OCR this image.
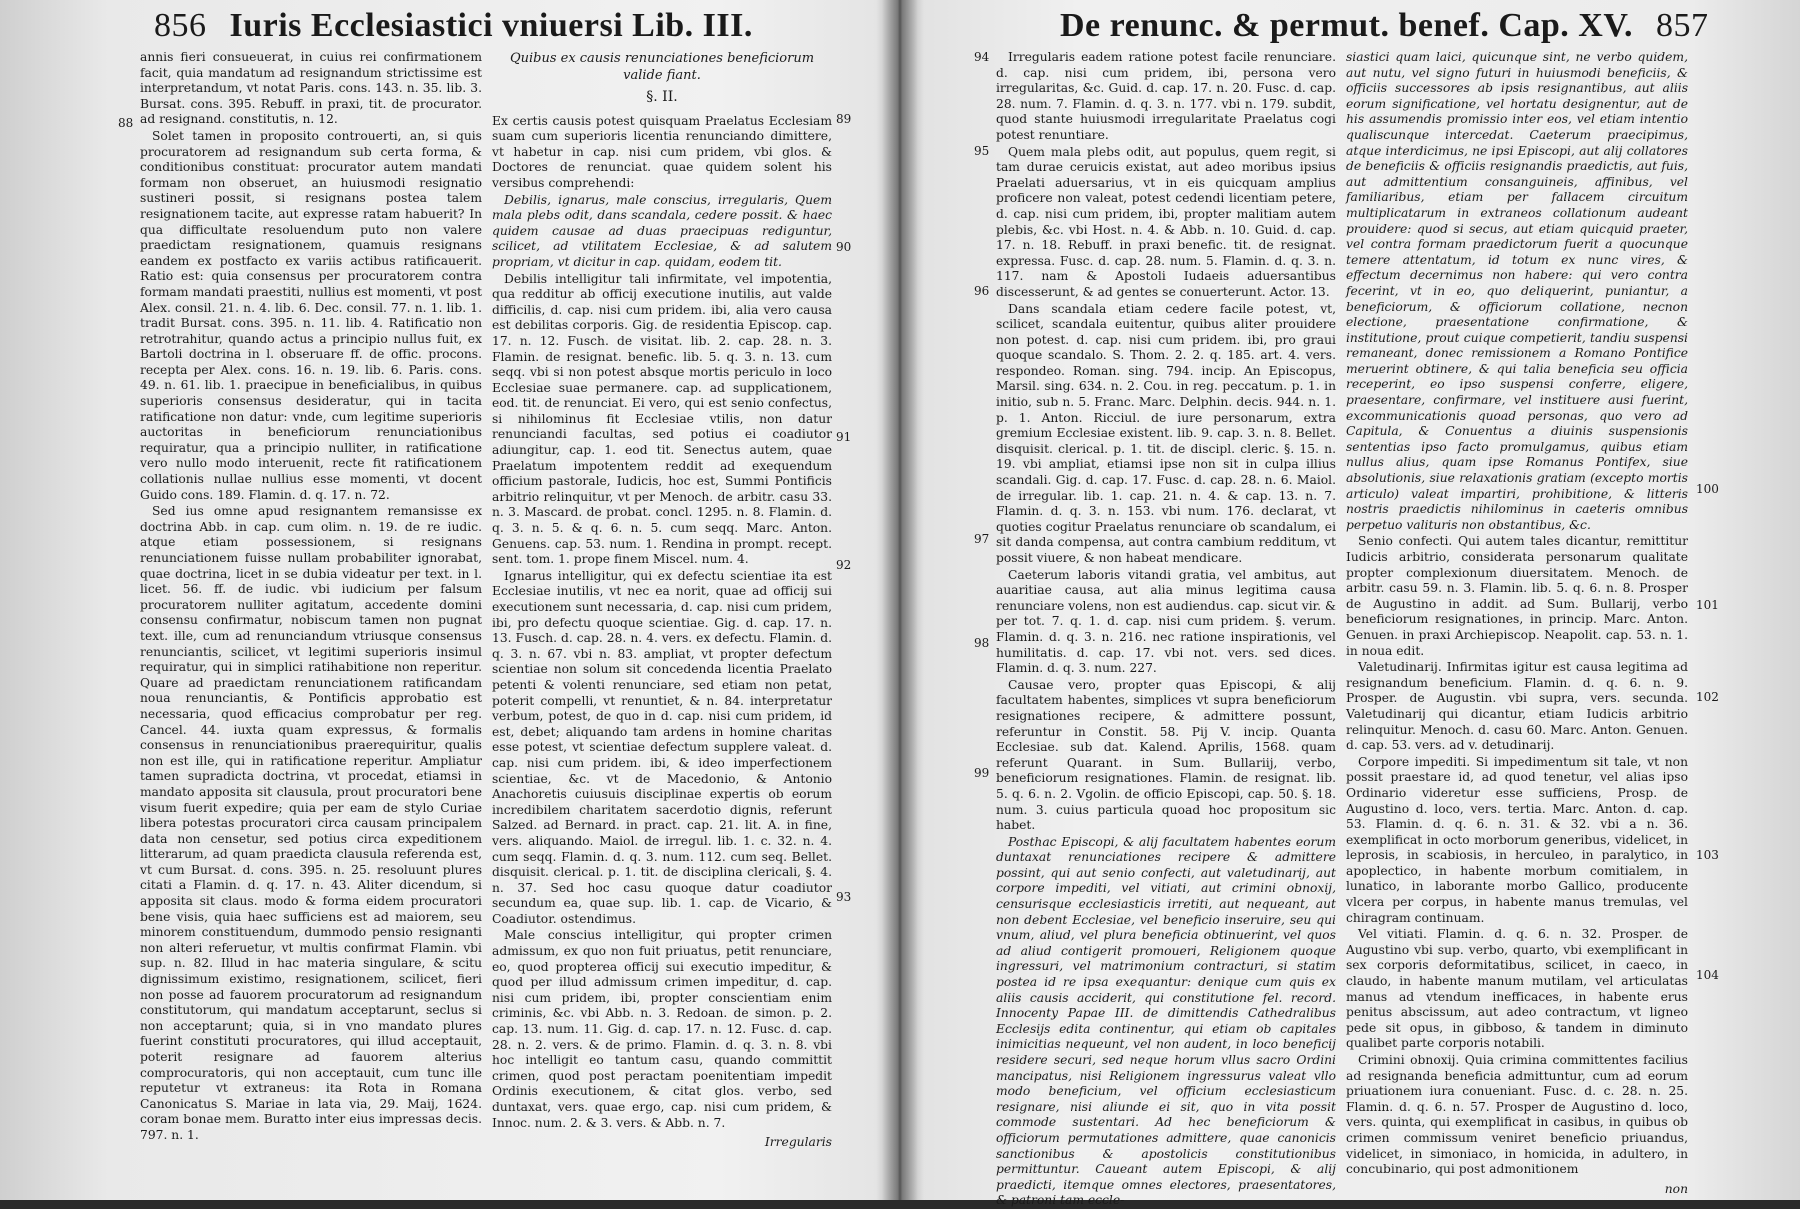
856 Iuris Ecclesiastici vniuersi Lib. III.
88	89
90
91
92
93

annis fieri consueuerat, in cuius rei confirmationem facit, quia mandatum ad resignandum strictissime est interpretandum, vt notat Paris. cons. 143. n. 35. lib. 3. Bursat. cons. 395. Rebuff. in praxi, tit. de procurator. ad resignand. constitutis, n. 12.

Solet tamen in proposito controuerti, an, si quis procuratorem ad resignandum sub certa forma, & conditionibus constituat: procurator autem mandati formam non obseruet, an huiusmodi resignatio sustineri possit, si resignans postea talem resignationem tacite, aut expresse ratam habuerit? In qua difficultate resoluendum puto non valere praedictam resignationem, quamuis resignans eandem ex postfacto ex variis actibus ratificauerit. Ratio est: quia consensus per procuratorem contra formam mandati praestiti, nullius est momenti, vt post Alex. consil. 21. n. 4. lib. 6. Dec. consil. 77. n. 1. lib. 1. tradit Bursat. cons. 395. n. 11. lib. 4. Ratificatio non retrotrahitur, quando actus a principio nullus fuit, ex Bartoli doctrina in l. obseruare ff. de offic. procons. recepta per Alex. cons. 16. n. 19. lib. 6. Paris. cons. 49. n. 61. lib. 1. praecipue in beneficialibus, in quibus superioris consensus desideratur, qui in tacita ratificatione non datur: vnde, cum legitime superioris auctoritas in beneficiorum renunciationibus requiratur, qua a principio nulliter, in ratificatione vero nullo modo interuenit, recte fit ratificationem collationis nullae nullius esse momenti, vt docent Guido cons. 189. Flamin. d. q. 17. n. 72.

Sed ius omne apud resignantem remansisse ex doctrina Abb. in cap. cum olim. n. 19. de re iudic. atque etiam possessionem, si resignans renunciationem fuisse nullam probabiliter ignorabat, quae doctrina, licet in se dubia videatur per text. in l. licet. 56. ff. de iudic. vbi iudicium per falsum procuratorem nulliter agitatum, accedente domini consensu confirmatur, nobiscum tamen non pugnat text. ille, cum ad renunciandum vtriusque consensus renunciantis, scilicet, vt legitimi superioris insimul requiratur, qui in simplici ratihabitione non reperitur. Quare ad praedictam renunciationem ratificandam noua renunciantis, & Pontificis approbatio est necessaria, quod efficacius comprobatur per reg. Cancel. 44. iuxta quam expressus, & formalis consensus in renunciationibus praerequiritur, qualis non est ille, qui in ratificatione reperitur. Ampliatur tamen supradicta doctrina, vt procedat, etiamsi in mandato apposita sit clausula, prout procuratori bene visum fuerit expedire; quia per eam de stylo Curiae libera potestas procuratori circa causam principalem data non censetur, sed potius circa expeditionem litterarum, ad quam praedicta clausula referenda est, vt cum Bursat. d. cons. 395. n. 25. resoluunt plures citati a Flamin. d. q. 17. n. 43. Aliter dicendum, si apposita sit claus. modo & forma eidem procuratori bene visis, quia haec sufficiens est ad maiorem, seu minorem constituendum, dummodo pensio resignanti non alteri referuetur, vt multis confirmat Flamin. vbi sup. n. 82. Illud in hac materia singulare, & scitu dignissimum existimo, resignationem, scilicet, fieri non posse ad fauorem procuratorum ad resignandum constitutorum, qui mandatum acceptarunt, seclus si non acceptarunt; quia, si in vno mandato plures fuerint constituti procuratores, qui illud acceptauit, poterit resignare ad fauorem alterius comprocuratoris, qui non acceptauit, cum tunc ille reputetur vt extraneus: ita Rota in Romana Canonicatus S. Mariae in lata via, 29. Maij, 1624. coram bonae mem. Buratto inter eius impressas decis. 797. n. 1.

Quibus ex causis renunciationes beneficiorum valide fiant.
§. II.

Ex certis causis potest quisquam Praelatus Ecclesiam suam cum superioris licentia renunciando dimittere, vt habetur in cap. nisi cum pridem, vbi glos. & Doctores de renunciat. quae quidem solent his versibus comprehendi:

Debilis, ignarus, male conscius, irregularis, Quem mala plebs odit, dans scandala, cedere possit. & haec quidem causae ad duas praecipuas rediguntur, scilicet, ad vtilitatem Ecclesiae, & ad salutem propriam, vt dicitur in cap. quidam, eodem tit.

Debilis intelligitur tali infirmitate, vel impotentia, qua redditur ab officij executione inutilis, aut valde difficilis, d. cap. nisi cum pridem. ibi, alia vero causa est debilitas corporis. Gig. de residentia Episcop. cap. 17. n. 12. Fusch. de visitat. lib. 2. cap. 28. n. 3. Flamin. de resignat. benefic. lib. 5. q. 3. n. 13. cum seqq. vbi si non potest absque mortis periculo in loco Ecclesiae suae permanere. cap. ad supplicationem, eod. tit. de renunciat. Ei vero, qui est senio confectus, si nihilominus fit Ecclesiae vtilis, non datur renunciandi facultas, sed potius ei coadiutor adiungitur, cap. 1. eod tit. Senectus autem, quae Praelatum impotentem reddit ad exequendum officium pastorale, Iudicis, hoc est, Summi Pontificis arbitrio relinquitur, vt per Menoch. de arbitr. casu 33. n. 3. Mascard. de probat. concl. 1295. n. 8. Flamin. d. q. 3. n. 5. & q. 6. n. 5. cum seqq. Marc. Anton. Genuens. cap. 53. num. 1. Rendina in prompt. recept. sent. tom. 1. prope finem Miscel. num. 4.

Ignarus intelligitur, qui ex defectu scientiae ita est Ecclesiae inutilis, vt nec ea norit, quae ad officij sui executionem sunt necessaria, d. cap. nisi cum pridem, ibi, pro defectu quoque scientiae. Gig. d. cap. 17. n. 13. Fusch. d. cap. 28. n. 4. vers. ex defectu. Flamin. d. q. 3. n. 67. vbi n. 83. ampliat, vt propter defectum scientiae non solum sit concedenda licentia Praelato petenti & volenti renunciare, sed etiam non petat, poterit compelli, vt renuntiet, & n. 84. interpretatur verbum, potest, de quo in d. cap. nisi cum pridem, id est, debet; aliquando tam ardens in homine charitas esse potest, vt scientiae defectum supplere valeat. d. cap. nisi cum pridem. ibi, & ideo imperfectionem scientiae, &c. vt de Macedonio, & Antonio Anachoretis cuiusuis disciplinae expertis ob eorum incredibilem charitatem sacerdotio dignis, referunt Salzed. ad Bernard. in pract. cap. 21. lit. A. in fine, vers. aliquando. Maiol. de irregul. lib. 1. c. 32. n. 4. cum seqq. Flamin. d. q. 3. num. 112. cum seq. Bellet. disquisit. clerical. p. 1. tit. de disciplina clericali, §. 4. n. 37. Sed hoc casu quoque datur coadiutor secundum ea, quae sup. lib. 1. cap. de Vicario, & Coadiutor. ostendimus.

Male conscius intelligitur, qui propter crimen admissum, ex quo non fuit priuatus, petit renunciare, eo, quod propterea officij sui executio impeditur, & quod per illud admissum crimen impeditur, d. cap. nisi cum pridem, ibi, propter conscientiam enim criminis, &c. vbi Abb. n. 3. Redoan. de simon. p. 2. cap. 13. num. 11. Gig. d. cap. 17. n. 12. Fusc. d. cap. 28. n. 2. vers. & de primo. Flamin. d. q. 3. n. 8. vbi hoc intelligit eo tantum casu, quando committit crimen, quod post peractam poenitentiam impedit Ordinis executionem, & citat glos. verbo, sed duntaxat, vers. quae ergo, cap. nisi cum pridem, & Innoc. num. 2. & 3. vers. & Abb. n. 7.

Irregularis
De renunc. & permut. benef. Cap. XV. 857
94
95
96
97
98
99
100
101
102
103
104

Irregularis eadem ratione potest facile renunciare. d. cap. nisi cum pridem, ibi, persona vero irregularitas, &c. Guid. d. cap. 17. n. 20. Fusc. d. cap. 28. num. 7. Flamin. d. q. 3. n. 177. vbi n. 179. subdit, quod stante huiusmodi irregularitate Praelatus cogi potest renuntiare.

Quem mala plebs odit, aut populus, quem regit, si tam durae ceruicis existat, aut adeo moribus ipsius Praelati aduersarius, vt in eis quicquam amplius proficere non valeat, potest cedendi licentiam petere, d. cap. nisi cum pridem, ibi, propter malitiam autem plebis, &c. vbi Host. n. 4. & Abb. n. 10. Guid. d. cap. 17. n. 18. Rebuff. in praxi benefic. tit. de resignat. expressa. Fusc. d. cap. 28. num. 5. Flamin. d. q. 3. n. 117. nam & Apostoli Iudaeis aduersantibus discesserunt, & ad gentes se conuerterunt. Actor. 13.

Dans scandala etiam cedere facile potest, vt, scilicet, scandala euitentur, quibus aliter prouidere non potest. d. cap. nisi cum pridem. ibi, pro graui quoque scandalo. S. Thom. 2. 2. q. 185. art. 4. vers. respondeo. Roman. sing. 794. incip. An Episcopus, Marsil. sing. 634. n. 2. Cou. in reg. peccatum. p. 1. in initio, sub n. 5. Franc. Marc. Delphin. decis. 944. n. 1. p. 1. Anton. Ricciul. de iure personarum, extra gremium Ecclesiae existent. lib. 9. cap. 3. n. 8. Bellet. disquisit. clerical. p. 1. tit. de discipl. cleric. §. 15. n. 19. vbi ampliat, etiamsi ipse non sit in culpa illius scandali. Gig. d. cap. 17. Fusc. d. cap. 28. n. 6. Maiol. de irregular. lib. 1. cap. 21. n. 4. & cap. 13. n. 7. Flamin. d. q. 3. n. 153. vbi num. 176. declarat, vt quoties cogitur Praelatus renunciare ob scandalum, ei sit danda compensa, aut contra cambium redditum, vt possit viuere, & non habeat mendicare.

Caeterum laboris vitandi gratia, vel ambitus, aut auaritiae causa, aut alia minus legitima causa renunciare volens, non est audiendus. cap. sicut vir. & per tot. 7. q. 1. d. cap. nisi cum pridem. §. verum. Flamin. d. q. 3. n. 216. nec ratione inspirationis, vel humilitatis. d. cap. 17. vbi not. vers. sed dices. Flamin. d. q. 3. num. 227.

Causae vero, propter quas Episcopi, & alij facultatem habentes, simplices vt supra beneficiorum resignationes recipere, & admittere possunt, referuntur in Constit. 58. Pij V. incip. Quanta Ecclesiae. sub dat. Kalend. Aprilis, 1568. quam referunt Quarant. in Sum. Bullariij, verbo, beneficiorum resignationes. Flamin. de resignat. lib. 5. q. 6. n. 2. Vgolin. de officio Episcopi, cap. 50. §. 18. num. 3. cuius particula quoad hoc propositum sic habet.

Posthac Episcopi, & alij facultatem habentes eorum duntaxat renunciationes recipere & admittere possint, qui aut senio confecti, aut valetudinarij, aut corpore impediti, vel vitiati, aut crimini obnoxij, censurisque ecclesiasticis irretiti, aut nequeant, aut non debent Ecclesiae, vel beneficio inseruire, seu qui vnum, aliud, vel plura beneficia obtinuerint, vel quos ad aliud contigerit promoueri, Religionem quoque ingressuri, vel matrimonium contracturi, si statim postea id re ipsa exequantur: denique cum quis ex aliis causis acciderit, qui constitutione fel. record. Innocenty Papae III. de dimittendis Cathedralibus Ecclesijs edita continentur, qui etiam ob capitales inimicitias nequeunt, vel non audent, in loco beneficij residere securi, sed neque horum vllus sacro Ordini mancipatus, nisi Religionem ingressurus valeat vllo modo beneficium, vel officium ecclesiasticum resignare, nisi aliunde ei sit, quo in vita possit commode sustentari. Ad hec beneficiorum & officiorum permutationes admittere, quae canonicis sanctionibus & apostolicis constitutionibus permittuntur. Caueant autem Episcopi, & alij praedicti, itemque omnes electores, praesentatores, & patroni tam eccle-

siastici quam laici, quicunque sint, ne verbo quidem, aut nutu, vel signo futuri in huiusmodi beneficiis, & officiis successores ab ipsis resignantibus, aut aliis eorum significatione, vel hortatu designentur, aut de his assumendis promissio inter eos, vel etiam intentio qualiscunque intercedat. Caeterum praecipimus, atque interdicimus, ne ipsi Episcopi, aut alij collatores de beneficiis & officiis resignandis praedictis, aut fuis, aut admittentium consanguineis, affinibus, vel familiaribus, etiam per fallacem circuitum multiplicatarum in extraneos collationum audeant prouidere: quod si secus, aut etiam quicquid praeter, vel contra formam praedictorum fuerit a quocunque temere attentatum, id totum ex nunc vires, & effectum decernimus non habere: qui vero contra fecerint, vt in eo, quo deliquerint, puniantur, a beneficiorum, & officiorum collatione, necnon electione, praesentatione confirmatione, & institutione, prout cuique competierit, tandiu suspensi remaneant, donec remissionem a Romano Pontifice meruerint obtinere, & qui talia beneficia seu officia receperint, eo ipso suspensi conferre, eligere, praesentare, confirmare, vel instituere ausi fuerint, excommunicationis quoad personas, quo vero ad Capitula, & Conuentus a diuinis suspensionis sententias ipso facto promulgamus, quibus etiam nullus alius, quam ipse Romanus Pontifex, siue absolutionis, siue relaxationis gratiam (excepto mortis articulo) valeat impartiri, prohibitione, & litteris nostris praedictis nihilominus in caeteris omnibus perpetuo valituris non obstantibus, &c.

Senio confecti. Qui autem tales dicantur, remittitur Iudicis arbitrio, considerata personarum qualitate propter complexionum diuersitatem. Menoch. de arbitr. casu 59. n. 3. Flamin. lib. 5. q. 6. n. 8. Prosper de Augustino in addit. ad Sum. Bullarij, verbo beneficiorum resignationes, in princip. Marc. Anton. Genuen. in praxi Archiepiscop. Neapolit. cap. 53. n. 1. in noua edit.

Valetudinarij. Infirmitas igitur est causa legitima ad resignandum beneficium. Flamin. d. q. 6. n. 9. Prosper. de Augustin. vbi supra, vers. secunda. Valetudinarij qui dicantur, etiam Iudicis arbitrio relinquitur. Menoch. d. casu 60. Marc. Anton. Genuen. d. cap. 53. vers. ad v. detudinarij.

Corpore impediti. Si impedimentum sit tale, vt non possit praestare id, ad quod tenetur, vel alias ipso Ordinario videretur esse sufficiens, Prosp. de Augustino d. loco, vers. tertia. Marc. Anton. d. cap. 53. Flamin. d. q. 6. n. 31. & 32. vbi a n. 36. exemplificat in octo morborum generibus, videlicet, in leprosis, in scabiosis, in herculeo, in paralytico, in apoplectico, in habente morbum comitialem, in lunatico, in laborante morbo Gallico, producente vlcera per corpus, in habente manus tremulas, vel chiragram continuam.

Vel vitiati. Flamin. d. q. 6. n. 32. Prosper. de Augustino vbi sup. verbo, quarto, vbi exemplificant in sex corporis deformitatibus, scilicet, in caeco, in claudo, in habente manum mutilam, vel articulatas manus ad vtendum inefficaces, in habente erus penitus abscissum, aut adeo contractum, vt ligneo pede sit opus, in gibboso, & tandem in diminuto qualibet parte corporis notabili.

Crimini obnoxij. Quia crimina committentes facilius ad resignanda beneficia admittuntur, cum ad eorum priuationem iura conueniant. Fusc. d. c. 28. n. 25. Flamin. d. q. 6. n. 57. Prosper de Augustino d. loco, vers. quinta, qui exemplificat in casibus, in quibus ob crimen commissum veniret beneficio priuandus, videlicet, in simoniaco, in homicida, in adultero, in concubinario, qui post admonitionem

non
